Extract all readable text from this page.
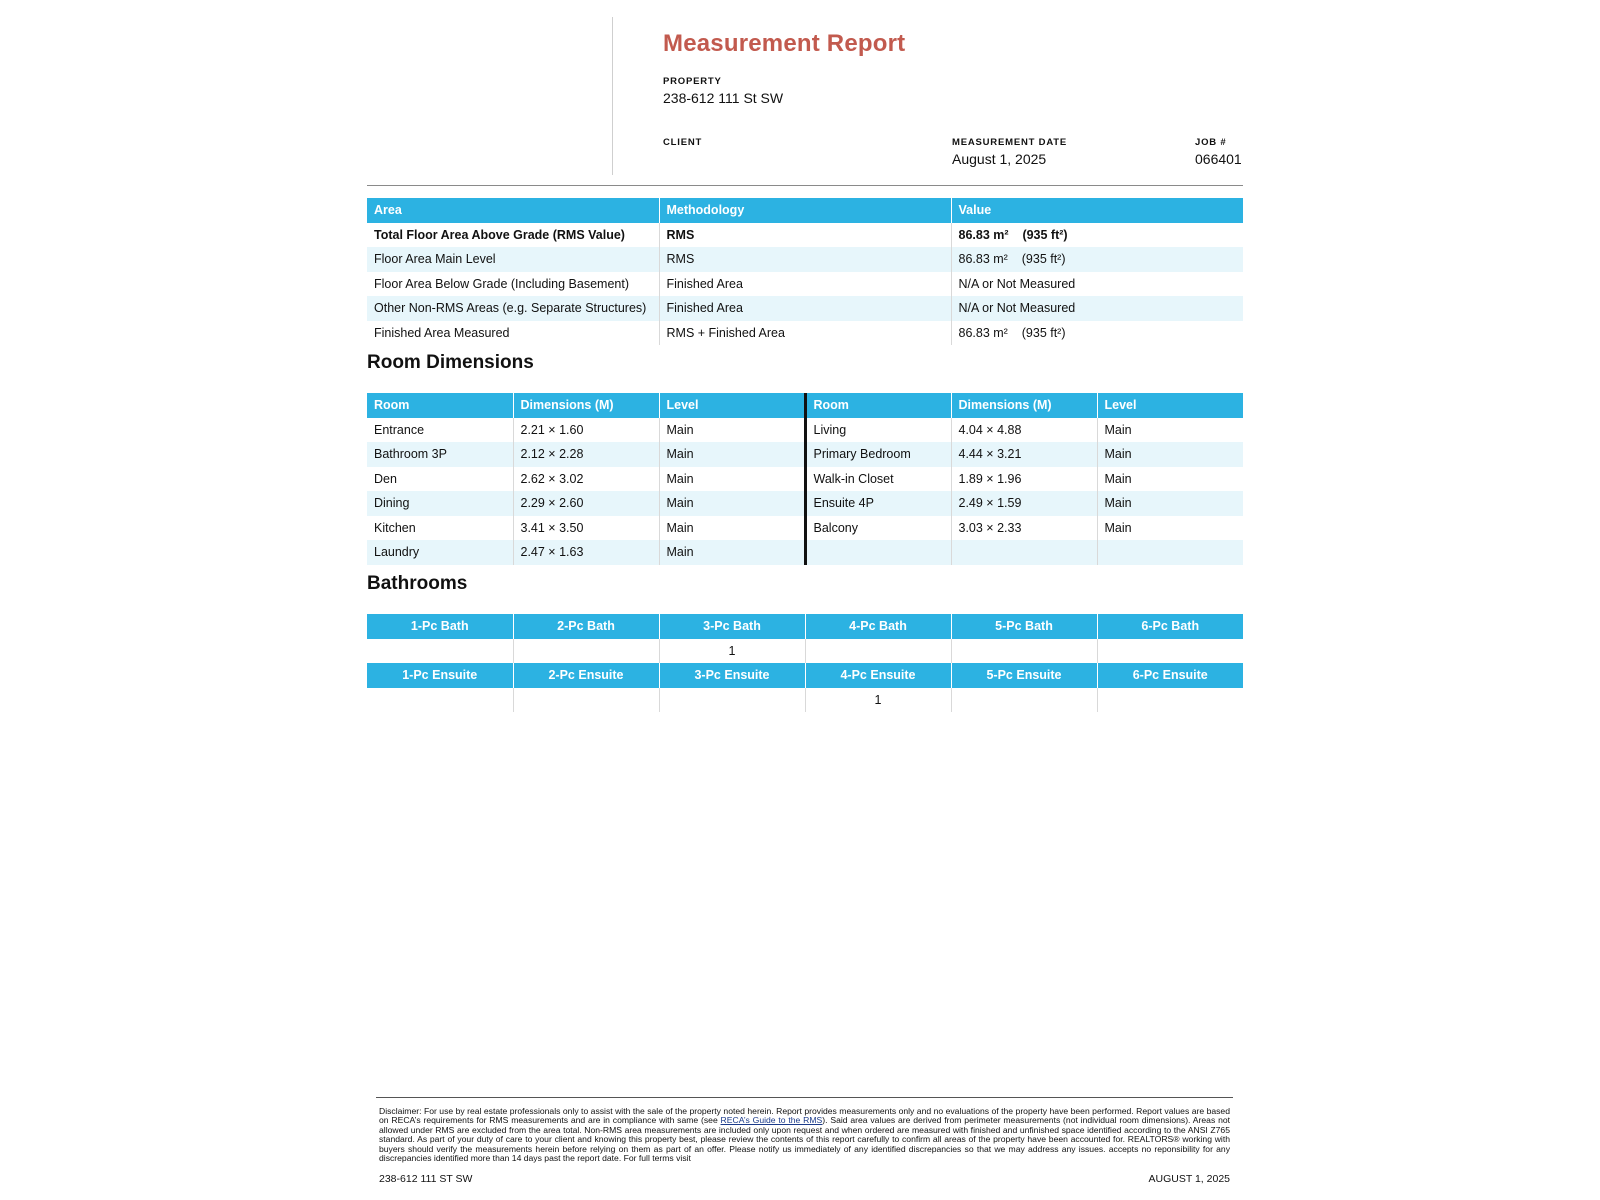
Measurement Report
PROPERTY
238-612 111 St SW
CLIENT	MEASUREMENT DATE
August 1, 2025
JOB #
066401
Area	Methodology	Value
Total Floor Area Above Grade (RMS Value)	RMS	86.83 m² (935 ft²)
Floor Area Main Level	RMS	86.83 m² (935 ft²)
Floor Area Below Grade (Including Basement)	Finished Area	N/A or Not Measured
Other Non-RMS Areas (e.g. Separate Structures)	Finished Area	N/A or Not Measured
Finished Area Measured	RMS + Finished Area	86.83 m² (935 ft²)
Room Dimensions
Room	Dimensions (M)	Level	Room	Dimensions (M)	Level
Entrance	2.21 × 1.60	Main	Living	4.04 × 4.88	Main
Bathroom 3P	2.12 × 2.28	Main	Primary Bedroom	4.44 × 3.21	Main
Den	2.62 × 3.02	Main	Walk-in Closet	1.89 × 1.96	Main
Dining	2.29 × 2.60	Main	Ensuite 4P	2.49 × 1.59	Main
Kitchen	3.41 × 3.50	Main	Balcony	3.03 × 2.33	Main
Laundry	2.47 × 1.63	Main			
Bathrooms
1-Pc Bath	2-Pc Bath	3-Pc Bath	4-Pc Bath	5-Pc Bath	6-Pc Bath
		1			
1-Pc Ensuite	2-Pc Ensuite	3-Pc Ensuite	4-Pc Ensuite	5-Pc Ensuite	6-Pc Ensuite
			1		
Disclaimer: For use by real estate professionals only to assist with the sale of the property noted herein. Report provides measurements only and no evaluations of the property have been performed. Report values are based on RECA’s requirements for RMS measurements and are in compliance with same (see RECA’s Guide to the RMS). Said area values are derived from perimeter measurements (not individual room dimensions). Areas not allowed under RMS are excluded from the area total. Non-RMS area measurements are included only upon request and when ordered are measured with finished and unfinished space identified according to the ANSI Z765 standard. As part of your duty of care to your client and knowing this property best, please review the contents of this report carefully to confirm all areas of the property have been accounted for. REALTORS® working with buyers should verify the measurements herein before relying on them as part of an offer. Please notify us immediately of any identified discrepancies so that we may address any issues. accepts no reponsibility for any discrepancies identified more than 14 days past the report date. For full terms visit
238-612 111 ST SW	AUGUST 1, 2025
